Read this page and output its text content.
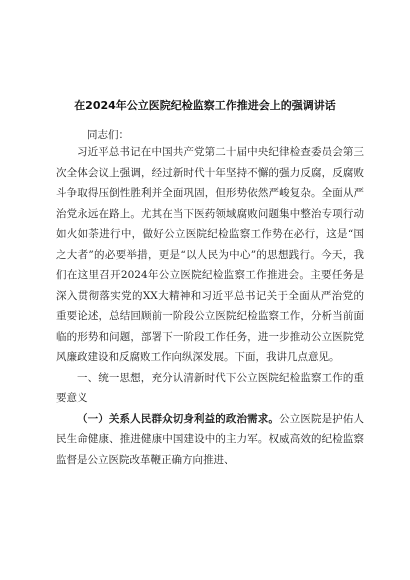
在2024年公立医院纪检监察工作推进会上的强调讲话
同志们：

习近平总书记在中国共产党第二十届中央纪律检查委员会第三次全体会议上强调，经过新时代十年坚持不懈的强力反腐，反腐败斗争取得压倒性胜利并全面巩固，但形势依然严峻复杂。全面从严治党永远在路上。尤其在当下医药领域腐败问题集中整治专项行动如火如荼进行中，做好公立医院纪检监察工作势在必行，这是“国之大者”的必要举措，更是“以人民为中心”的思想践行。今天，我们在这里召开2024年公立医院纪检监察工作推进会。主要任务是深入贯彻落实党的XX大精神和习近平总书记关于全面从严治党的重要论述，总结回顾前一阶段公立医院纪检监察工作，分析当前面临的形势和问题，部署下一阶段工作任务，进一步推动公立医院党风廉政建设和反腐败工作向纵深发展。下面，我讲几点意见。

一、统一思想，充分认清新时代下公立医院纪检监察工作的重要意义

（一）关系人民群众切身利益的政治需求。公立医院是护佑人民生命健康、推进健康中国建设中的主力军。权威高效的纪检监察监督是公立医院改革鞭正确方向推进、
